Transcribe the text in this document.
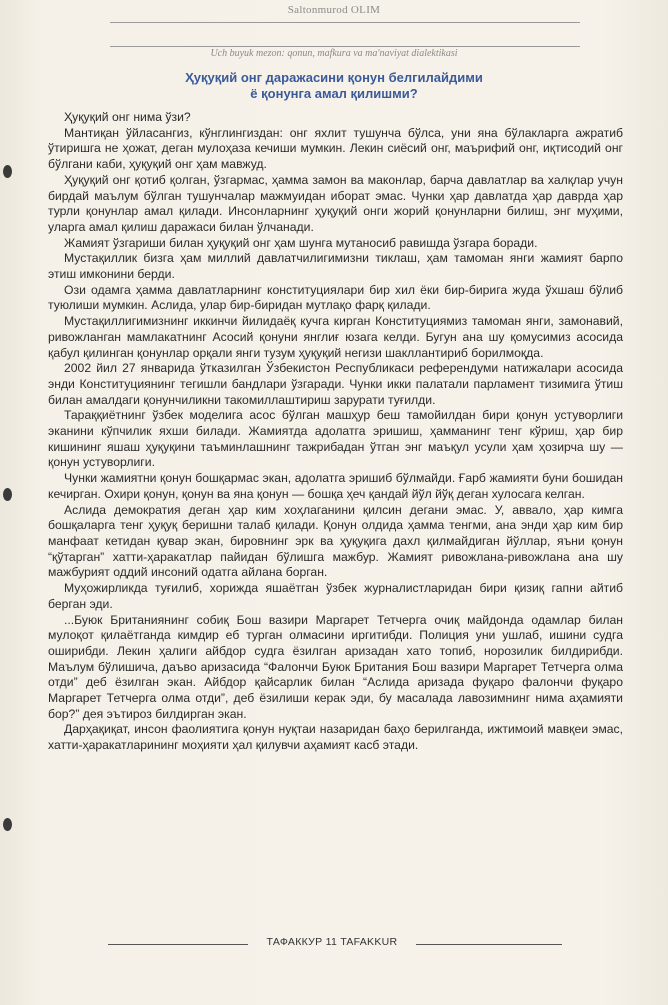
Saltonmurod OLIM
Uch buyuk mezon: qonun, mafkura va ma'naviyat dialektikasi
Ҳуқуқий онг даражасини қонун белгилайдими
ё қонунга амал қилишми?

Ҳуқуқий онг нима ўзи?

Мантиқан ўйласангиз, кўнглингиздан: онг яхлит тушунча бўлса, уни яна бўлакларга ажратиб ўтиришга не ҳожат, деган мулоҳаза кечиши мумкин. Лекин сиёсий онг, маърифий онг, иқтисодий онг бўлгани каби, ҳуқуқий онг ҳам мавжуд.

Ҳуқуқий онг қотиб қолган, ўзгармас, ҳамма замон ва маконлар, барча давлатлар ва халқлар учун бирдай маълум бўлган тушунчалар мажмуидан иборат эмас. Чунки ҳар давлатда ҳар даврда ҳар турли қонунлар амал қилади. Инсонларнинг ҳуқуқий онги жорий қонунларни билиш, энг муҳими, уларга амал қилиш даражаси билан ўлчанади.

Жамият ўзгариши билан ҳуқуқий онг ҳам шунга мутаносиб равишда ўзгара боради.

Мустақиллик бизга ҳам миллий давлатчилигимизни тиклаш, ҳам тамоман янги жамият барпо этиш имконини берди.

Ози одамга ҳамма давлатларнинг конституциялари бир хил ёки бир-бирига жуда ўхшаш бўлиб туюлиши мумкин. Аслида, улар бир-биридан мутлақо фарқ қилади.

Мустақиллигимизнинг иккинчи йилидаёқ кучга кирган Конституциямиз тамоман янги, замонавий, ривожланган мамлакатнинг Асосий қонуни янглиғ юзага келди. Бугун ана шу қомусимиз асосида қабул қилинган қонунлар орқали янги тузум ҳуқуқий негизи шакллантириб борилмоқда.

2002 йил 27 январида ўтказилган Ўзбекистон Республикаси референдуми натижалари асосида энди Конституциянинг тегишли бандлари ўзгаради. Чунки икки палатали парламент тизимига ўтиш билан амалдаги қонунчиликни такомиллаштириш зарурати туғилди.

Тараққиётнинг ўзбек моделига асос бўлган машҳур беш тамойилдан бири қонун устуворлиги эканини кўпчилик яхши билади. Жамиятда адолатга эришиш, ҳамманинг тенг кўриш, ҳар бир кишининг яшаш ҳуқуқини таъминлашнинг тажрибадан ўтган энг маъқул усули ҳам ҳозирча шу — қонун устуворлиги.

Чунки жамиятни қонун бошқармас экан, адолатга эришиб бўлмайди. Ғарб жамияти буни бошидан кечирган. Охири қонун, қонун ва яна қонун — бошқа ҳеч қандай йўл йўқ деган хулосага келган.

Аслида демократия деган ҳар ким хоҳлаганини қилсин дегани эмас. У, аввало, ҳар кимга бошқаларга тенг ҳуқуқ беришни талаб қилади. Қонун олдида ҳамма тенгми, ана энди ҳар ким бир манфаат кетидан қувар экан, бировнинг эрк ва ҳуқуқига дахл қилмайдиган йўллар, яъни қонун “қўтарган” хатти-ҳаракатлар пайидан бўлишга мажбур. Жамият ривожлана-ривожлана ана шу мажбурият оддий инсоний одатга айлана борган.

Муҳожирликда туғилиб, хорижда яшаётган ўзбек журналистларидан бири қизиқ гапни айтиб берган эди.

...Буюк Британиянинг собиқ Бош вазири Маргарет Тетчерга очиқ майдонда одамлар билан мулоқот қилаётганда кимдир еб турган олмасини иргитибди. Полиция уни ушлаб, ишини судга оширибди. Лекин ҳалиги айбдор судга ёзилган аризадан хато топиб, норозилик билдирибди. Маълум бўлишича, даъво аризасида “Фалончи Буюк Британия Бош вазири Маргарет Тетчерга олма отди” деб ёзилган экан. Айбдор қайсарлик билан “Аслида аризада фуқаро фалончи фуқаро Маргарет Тетчерга олма отди”, деб ёзилиши керак эди, бу масалада лавозимнинг нима аҳамияти бор?” дея эътироз билдирган экан.

Дарҳақиқат, инсон фаолиятига қонун нуқтаи назаридан баҳо берилганда, ижтимоий мавқеи эмас, хатти-ҳаракатларининг моҳияти ҳал қилувчи аҳамият касб этади.

ТАФАККУР 11 TAFAKKUR
